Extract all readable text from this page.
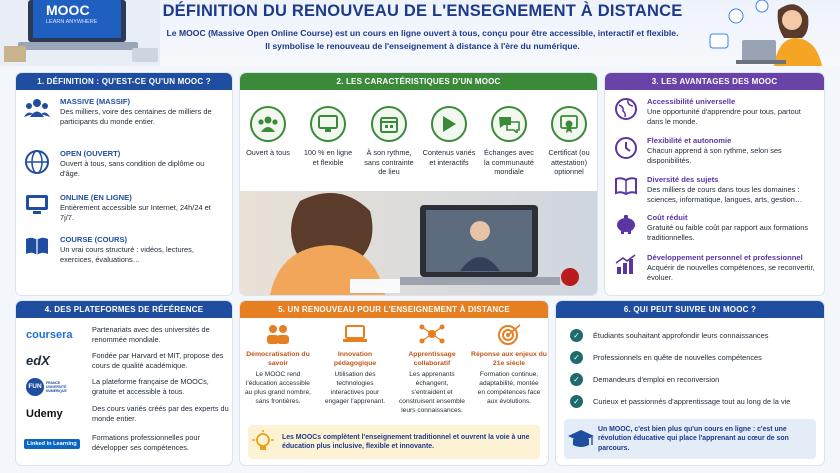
MOOC
LEARN ANYWHERE
DÉFINITION DU RENOUVEAU DE L'ENSEGNEMENT À DISTANCE
Le MOOC (Massive Open Online Course) est un cours en ligne ouvert à tous, conçu pour être accessible, interactif et flexible.
Il symbolise le renouveau de l'enseignement à distance à l'ère du numérique.
1. DÉFINITION : QU'EST-CE QU'UN MOOC ?
MASSIVE (MASSIF)
Des milliers, voire des centaines de milliers de participants du monde entier.
OPEN (OUVERT)
Ouvert à tous, sans condition de diplôme ou d'âge.
ONLINE (EN LIGNE)
Entièrement accessible sur Internet, 24h/24 et 7j/7.
COURSE (COURS)
Un vrai cours structuré : vidéos, lectures, exercices, évaluations…
2. LES CARACTÉRISTIQUES D'UN MOOC
Ouvert à tous	100 % en ligne et flexible
À son rythme, sans contrainte de lieu
Contenus variés et interactifs
Échanges avec la communauté mondiale
Certificat (ou attestation) optionnel
3. LES AVANTAGES DES MOOC
Accessibilité universelle
Une opportunité d'apprendre pour tous, partout dans le monde.
Flexibilité et autonomie
Chacun apprend à son rythme, selon ses disponibilités.
Diversité des sujets
Des milliers de cours dans tous les domaines : sciences, informatique, langues, arts, gestion…
Coût réduit
Gratuité ou faible coût par rapport aux formations traditionnelles.
Développement personnel et professionnel
Acquérir de nouvelles compétences, se reconvertir, évoluer.
4. DES PLATEFORMES DE RÉFÉRENCE
coursera	Partenariats avec des universités de renommée mondiale.
edX	Fondée par Harvard et MIT, propose des cours de qualité académique.
FUN	FRANCE UNIVERSITÉ NUMÉRIQUE
La plateforme française de MOOCs, gratuite et accessible à tous.
Udemy	Des cours variés créés par des experts du monde entier.
Linked in Learning
Formations professionnelles pour développer ses compétences.
5. UN RENOUVEAU POUR L'ENSEIGNEMENT À DISTANCE
Démocratisation du savoir
Le MOOC rend l'éducation accessible au plus grand nombre, sans frontières.
Innovation pédagogique
Utilisation des technologies interactives pour engager l'apprenant.
Apprentissage collaboratif
Les apprenants échangent, s'entraident et construisent ensemble leurs connaissances.
Réponse aux enjeux du 21e siècle
Formation continue, adaptabilité, montée en compétences face aux évolutions.
Les MOOCs complètent l'enseignement traditionnel et ouvrent la voie à une éducation plus inclusive, flexible et innovante.
6. QUI PEUT SUIVRE UN MOOC ?
✓	Étudiants souhaitant approfondir leurs connaissances
✓	Professionnels en quête de nouvelles compétences
✓	Demandeurs d'emploi en reconversion
✓	Curieux et passionnés d'apprentissage tout au long de la vie
Un MOOC, c'est bien plus qu'un cours en ligne : c'est une révolution éducative qui place l'apprenant au cœur de son parcours.
